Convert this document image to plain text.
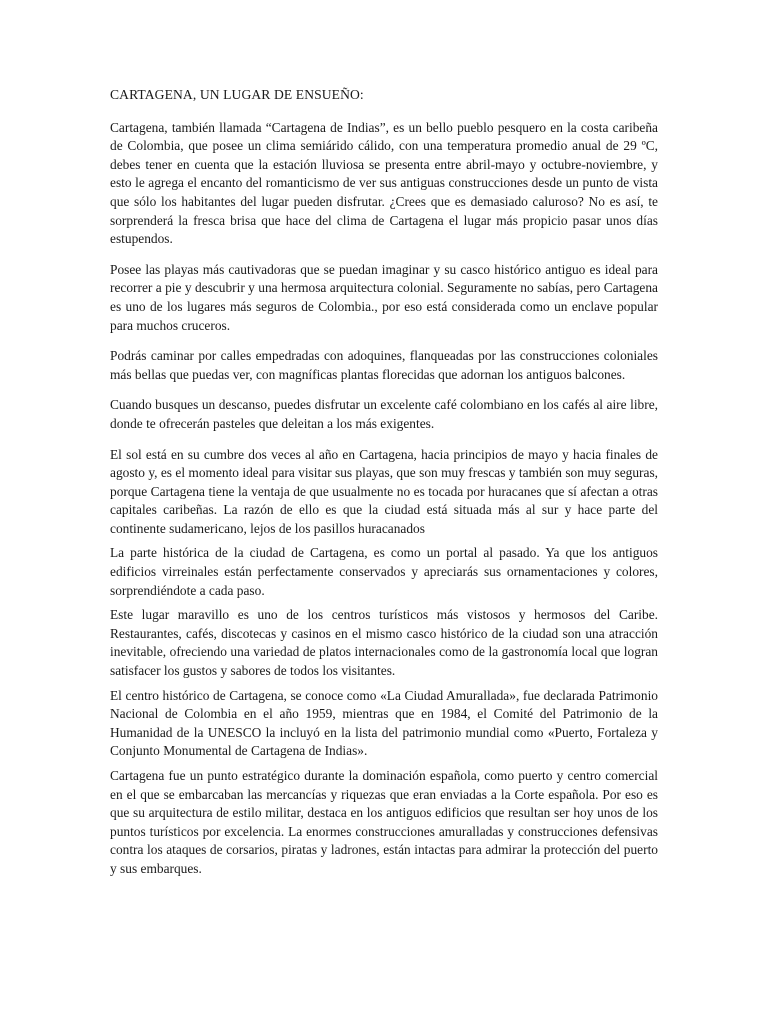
CARTAGENA, UN LUGAR DE ENSUEÑO:

Cartagena, también llamada “Cartagena de Indias”, es un bello pueblo pesquero en la costa caribeña de Colombia, que posee un clima semiárido cálido, con una temperatura promedio anual de 29 ºC, debes tener en cuenta que la estación lluviosa se presenta entre abril-mayo y octubre-noviembre, y esto le agrega el encanto del romanticismo de ver sus antiguas construcciones desde un punto de vista que sólo los habitantes del lugar pueden disfrutar. ¿Crees que es demasiado caluroso? No es así, te sorprenderá la fresca brisa que hace del clima de Cartagena el lugar más propicio pasar unos días estupendos.

Posee las playas más cautivadoras que se puedan imaginar y su casco histórico antiguo es ideal para recorrer a pie y descubrir y una hermosa arquitectura colonial. Seguramente no sabías, pero Cartagena es uno de los lugares más seguros de Colombia., por eso está considerada como un enclave popular para muchos cruceros.

Podrás caminar por calles empedradas con adoquines, flanqueadas por las construcciones coloniales más bellas que puedas ver, con magníficas plantas florecidas que adornan los antiguos balcones.

Cuando busques un descanso, puedes disfrutar un excelente café colombiano en los cafés al aire libre, donde te ofrecerán pasteles que deleitan a los más exigentes.

El sol está en su cumbre dos veces al año en Cartagena, hacia principios de mayo y hacia finales de agosto y, es el momento ideal para visitar sus playas, que son muy frescas y también son muy seguras, porque Cartagena tiene la ventaja de que usualmente no es tocada por huracanes que sí afectan a otras capitales caribeñas. La razón de ello es que la ciudad está situada más al sur y hace parte del continente sudamericano, lejos de los pasillos huracanados

La parte histórica de la ciudad de Cartagena, es como un portal al pasado. Ya que los antiguos edificios virreinales están perfectamente conservados y apreciarás sus ornamentaciones y colores, sorprendiéndote a cada paso.

Este lugar maravillo es uno de los centros turísticos más vistosos y hermosos del Caribe. Restaurantes, cafés, discotecas y casinos en el mismo casco histórico de la ciudad son una atracción inevitable, ofreciendo una variedad de platos internacionales como de la gastronomía local que logran satisfacer los gustos y sabores de todos los visitantes.

El centro histórico de Cartagena, se conoce como «La Ciudad Amurallada», fue declarada Patrimonio Nacional de Colombia en el año 1959, mientras que en 1984, el Comité del Patrimonio de la Humanidad de la UNESCO la incluyó en la lista del patrimonio mundial como «Puerto, Fortaleza y Conjunto Monumental de Cartagena de Indias».

Cartagena fue un punto estratégico durante la dominación española, como puerto y centro comercial en el que se embarcaban las mercancías y riquezas que eran enviadas a la Corte española. Por eso es que su arquitectura de estilo militar, destaca en los antiguos edificios que resultan ser hoy unos de los puntos turísticos por excelencia. La enormes construcciones amuralladas y construcciones defensivas contra los ataques de corsarios, piratas y ladrones, están intactas para admirar la protección del puerto y sus embarques.
